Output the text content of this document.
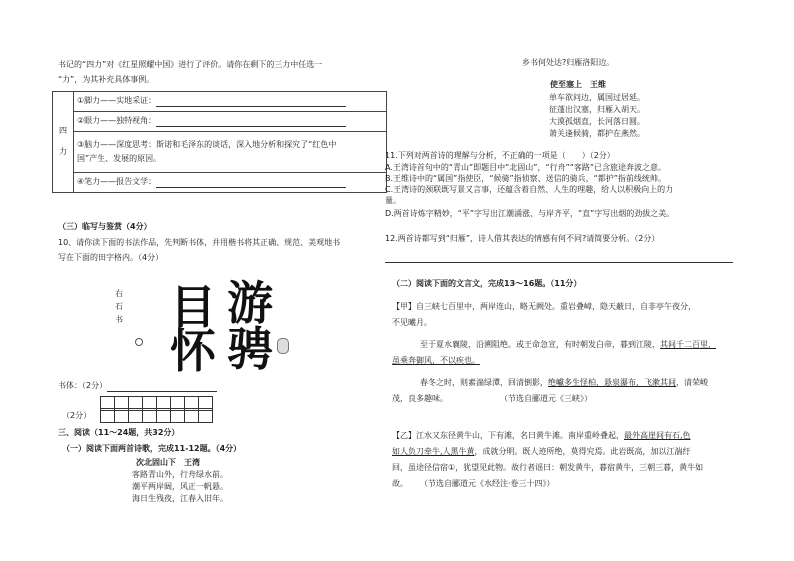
书记的“四力”对《红星照耀中国》进行了评价。请你在剩下的三力中任选一
“力”，为其补充具体事例。
四

力	①脚力——实地采证：
②眼力——独特视角：
③脑力——深度思考：斯诺和毛泽东的谈话，深入地分析和探究了“红色中
国”产生、发展的原因。
④笔力——报告文学：
（三）临写与鉴赏（4分）
10、请你读下面的书法作品，先判断书体，并用楷书将其正确、规范、美观地书
写在下面的田字格内。（4分）
右 石 书 目 游
怀 骋
书体：（2分）
（2分）
三、阅读（11～24题，共32分）
（一）阅读下面两首诗歌，完成11-12题。（4分）
次北固山下　王湾
客路青山外，行舟绿水前。
潮平两岸阔，风正一帆悬。
海日生残夜，江春入旧年。
乡书何处达?归雁洛阳边。
使至塞上　王维
单车欲问边，属国过居延。
征蓬出汉塞，归雁入胡天。
大漠孤烟直，长河落日圆。
萧关逢候骑，都护在燕然。
11.下列对两首诗的理解与分析，不正确的一项是（　　）（2分）
A.王湾诗首句中的“青山”即题目中“北固山”，“行舟”“客路”已含旅途奔波之意。
B.王维诗中的“属国”指使臣，“候骑”指侦察、送信的骑兵，“都护”指前线统帅。
C.王湾诗的颈联既写景又言事，还蕴含着自然、人生的理趣，给人以积极向上的力
量。
D.两首诗炼字精妙，“平”字写出江潮涌涨、与岸齐平，“直”字写出烟的劲拔之美。
12.两首诗都写到“归雁”，诗人借其表达的情感有何不同?请简要分析。（2分）
（二）阅读下面的文言文，完成13～16题。（11分）
【甲】自三峡七百里中，两岸连山，略无阙处。重岩叠嶂，隐天蔽日，自非亭午夜分，
不见曦月。
至于夏水襄陵，沿溯阻绝。或王命急宣，有时朝发白帝，暮到江陵，其间千二百里，
虽乘奔御风，不以疾也。
春冬之时，则素湍绿潭，回清倒影，绝巘多生怪柏，悬泉瀑布，飞漱其间，清荣峻
茂，良多趣味。	（节选自郦道元《三峡》）
【乙】江水又东径黄牛山，下有滩，名曰黄牛滩。南岸重岭叠起，最外高崖间有石,色
如人负刀牵牛,人黑牛黄，成就分明。既人迹所绝，莫得究焉。此岩既高，加以江湍纡
回，虽途径信宿①，犹望见此物。故行者谣曰：朝发黄牛，暮宿黄牛，三朝三暮，黄牛如
故。 （节选自郦道元《水经注·卷三十四》）
